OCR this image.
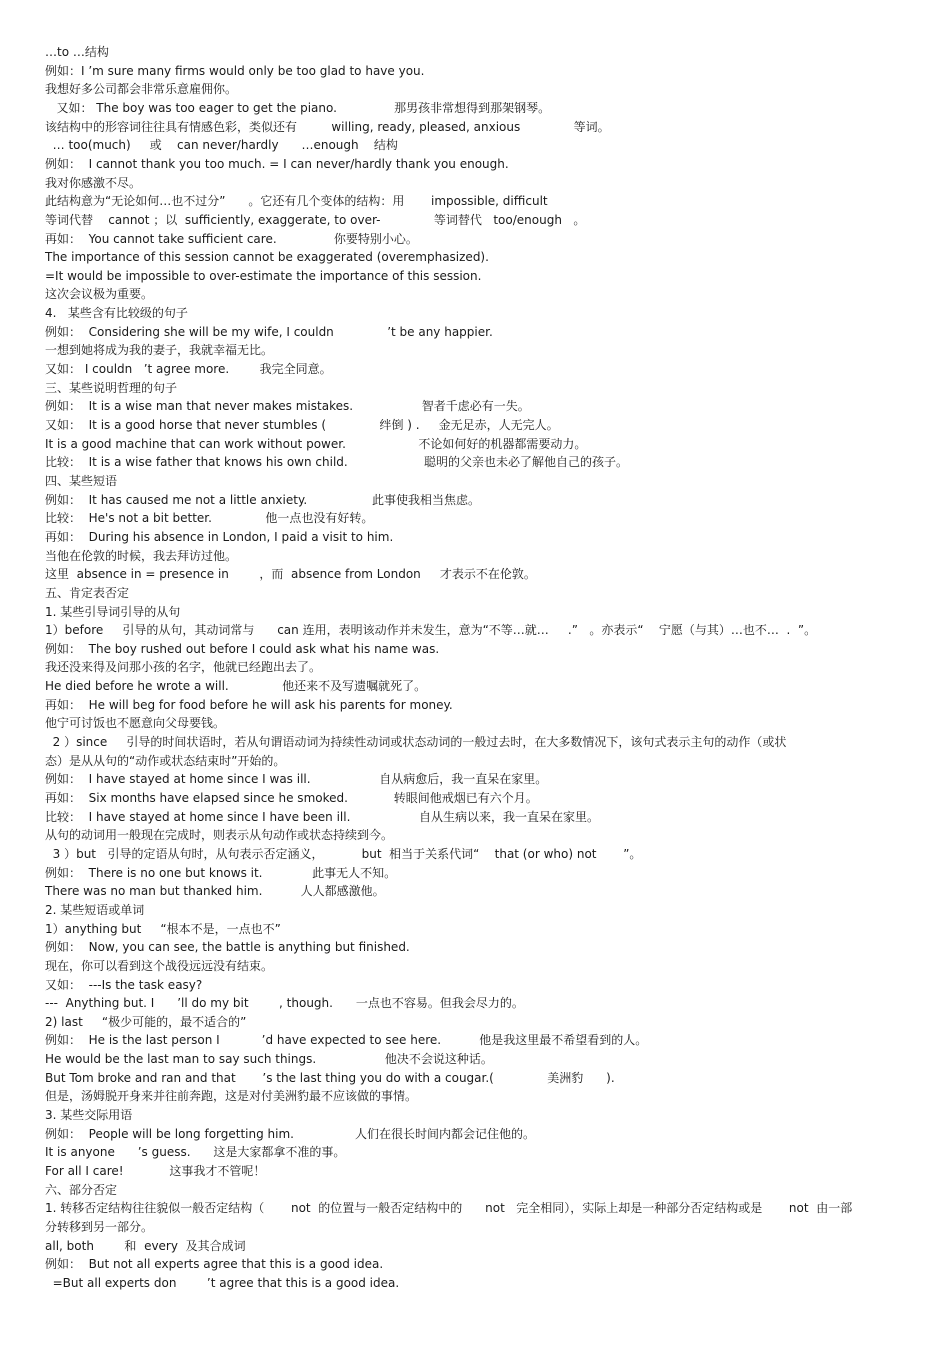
…to …结构
例如：I ’m sure many firms would only be too glad to have you.
我想好多公司都会非常乐意雇佣你。
又如： The boy was too eager to get the piano.               那男孩非常想得到那架钢琴。
该结构中的形容词往往具有情感色彩，类似还有         willing, ready, pleased, anxious              等词。
… too(much)     或    can never/hardly      …enough    结构
例如：  I cannot thank you too much. = I can never/hardly thank you enough.
我对你感激不尽。
此结构意为“无论如何…也不过分”      。它还有几个变体的结构：用       impossible, difficult
等词代替    cannot ；以  sufficiently, exaggerate, to over-              等词替代   too/enough   。
再如：  You cannot take sufficient care.               你要特别小心。
The importance of this session cannot be exaggerated (overemphasized).
=It would be impossible to over-estimate the importance of this session.
这次会议极为重要。
4.   某些含有比较级的句子
例如：  Considering she will be my wife, I couldn              ’t be any happier.
一想到她将成为我的妻子，我就幸福无比。
又如： I couldn   ’t agree more.        我完全同意。
三、某些说明哲理的句子
例如：  It is a wise man that never makes mistakes.                  智者千虑必有一失。
又如：  It is a good horse that never stumbles (              绊倒 ) .     金无足赤，人无完人。
It is a good machine that can work without power.                   不论如何好的机器都需要动力。
比较：  It is a wise father that knows his own child.                    聪明的父亲也未必了解他自己的孩子。
四、某些短语
例如：  It has caused me not a little anxiety.                 此事使我相当焦虑。
比较：  He's not a bit better.              他一点也没有好转。
再如：  During his absence in London, I paid a visit to him.
当他在伦敦的时候，我去拜访过他。
这里  absence in = presence in        ，而  absence from London     才表示不在伦敦。
五、肯定表否定
1. 某些引导词引导的从句
1）before     引导的从句，其动词常与      can 连用，表明该动作并未发生，意为“不等…就…     .”   。亦表示“    宁愿（与其）…也不…  .  ”。
例如：  The boy rushed out before I could ask what his name was.
我还没来得及问那小孩的名字，他就已经跑出去了。
He died before he wrote a will.              他还来不及写遗嘱就死了。
再如：  He will beg for food before he will ask his parents for money.
他宁可讨饭也不愿意向父母要钱。
2 ）since     引导的时间状语时，若从句谓语动词为持续性动词或状态动词的一般过去时，在大多数情况下，该句式表示主句的动作（或状
态）是从从句的“动作或状态结束时”开始的。
例如：  I have stayed at home since I was ill.                  自从病愈后，我一直呆在家里。
再如：  Six months have elapsed since he smoked.            转眼间他戒烟已有六个月。
比较：  I have stayed at home since I have been ill.                  自从生病以来，我一直呆在家里。
从句的动词用一般现在完成时，则表示从句动作或状态持续到今。
3 ）but   引导的定语从句时，从句表示否定涵义，          but  相当于关系代词“    that (or who) not       ”。
例如：  There is no one but knows it.             此事无人不知。
There was no man but thanked him.          人人都感激他。
2. 某些短语或单词
1）anything but     “根本不是，一点也不”
例如：  Now, you can see, the battle is anything but finished.
现在，你可以看到这个战役远远没有结束。
又如：  ---Is the task easy?
---  Anything but. I      ’ll do my bit        , though.      一点也不容易。但我会尽力的。
2) last     “极少可能的，最不适合的”
例如：  He is the last person I           ’d have expected to see here.          他是我这里最不希望看到的人。
He would be the last man to say such things.                  他决不会说这种话。
But Tom broke and ran and that       ’s the last thing you do with a cougar.(              美洲豹      ).
但是，汤姆脱开身来并往前奔跑，这是对付美洲豹最不应该做的事情。
3. 某些交际用语
例如：  People will be long forgetting him.                人们在很长时间内都会记住他的。
It is anyone      ’s guess.      这是大家都拿不准的事。
For all I care!            这事我才不管呢！
六、部分否定
1. 转移否定结构往往貌似一般否定结构（       not  的位置与一般否定结构中的      not   完全相同），实际上却是一种部分否定结构或是       not  由一部
分转移到另一部分。
all, both        和  every  及其合成词
例如：  But not all experts agree that this is a good idea.
=But all experts don        ’t agree that this is a good idea.
